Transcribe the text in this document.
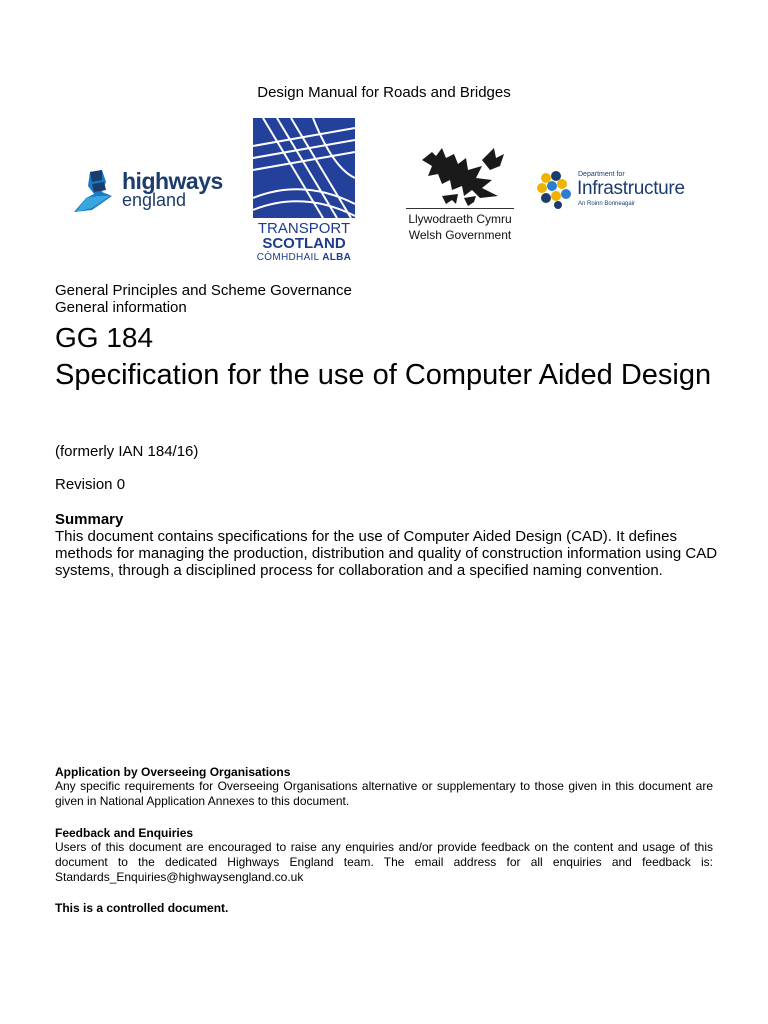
Design Manual for Roads and Bridges
highways
england
TRANSPORT
SCOTLAND
CÒMHDHAIL ALBA
Llywodraeth Cymru
Welsh Government
Department for
Infrastructure
An Roinn Bonneagair
General Principles and Scheme Governance
General information
GG 184
Specification for the use of Computer Aided Design
(formerly IAN 184/16)
Revision 0
Summary
This document contains specifications for the use of Computer Aided Design (CAD). It defines methods for managing the production, distribution and quality of construction information using CAD systems, through a disciplined process for collaboration and a specified naming convention.
Application by Overseeing Organisations
Any specific requirements for Overseeing Organisations alternative or supplementary to those given in this document are given in National Application Annexes to this document.
Feedback and Enquiries
Users of this document are encouraged to raise any enquiries and/or provide feedback on the content and usage of this document to the dedicated Highways England team. The email address for all enquiries and feedback is: Standards_Enquiries@highwaysengland.co.uk
This is a controlled document.
